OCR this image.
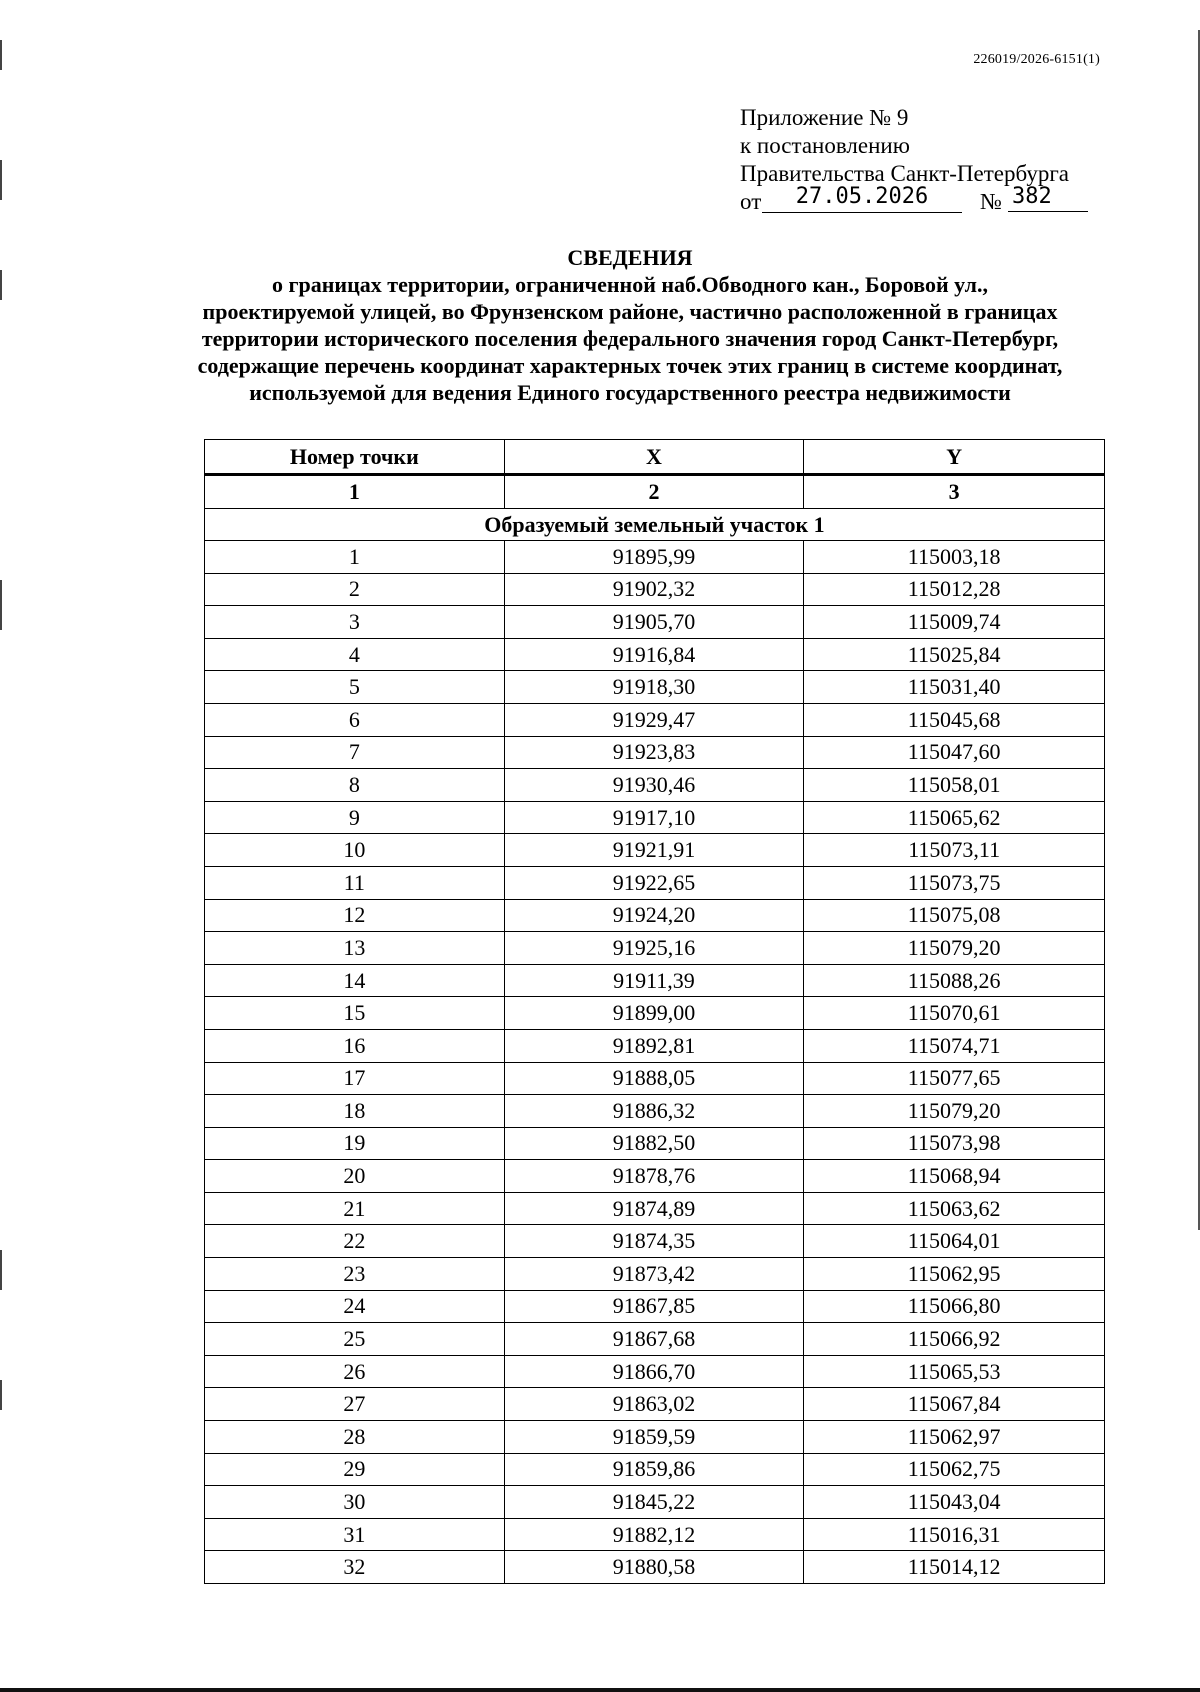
226019/2026-6151(1)
Приложение № 9
к постановлению
Правительства Санкт-Петербурга
от	27.05.2026	№ 382
СВЕДЕНИЯ
о границах территории, ограниченной наб.Обводного кан., Боровой ул.,
проектируемой улицей, во Фрунзенском районе, частично расположенной в границах
территории исторического поселения федерального значения город Санкт-Петербург,
содержащие перечень координат характерных точек этих границ в системе координат,
используемой для ведения Единого государственного реестра недвижимости
Номер точки	X	Y
1	2	3
Образуемый земельный участок 1		
1	91895,99	115003,18
2	91902,32	115012,28
3	91905,70	115009,74
4	91916,84	115025,84
5	91918,30	115031,40
6	91929,47	115045,68
7	91923,83	115047,60
8	91930,46	115058,01
9	91917,10	115065,62
10	91921,91	115073,11
11	91922,65	115073,75
12	91924,20	115075,08
13	91925,16	115079,20
14	91911,39	115088,26
15	91899,00	115070,61
16	91892,81	115074,71
17	91888,05	115077,65
18	91886,32	115079,20
19	91882,50	115073,98
20	91878,76	115068,94
21	91874,89	115063,62
22	91874,35	115064,01
23	91873,42	115062,95
24	91867,85	115066,80
25	91867,68	115066,92
26	91866,70	115065,53
27	91863,02	115067,84
28	91859,59	115062,97
29	91859,86	115062,75
30	91845,22	115043,04
31	91882,12	115016,31
32	91880,58	115014,12
